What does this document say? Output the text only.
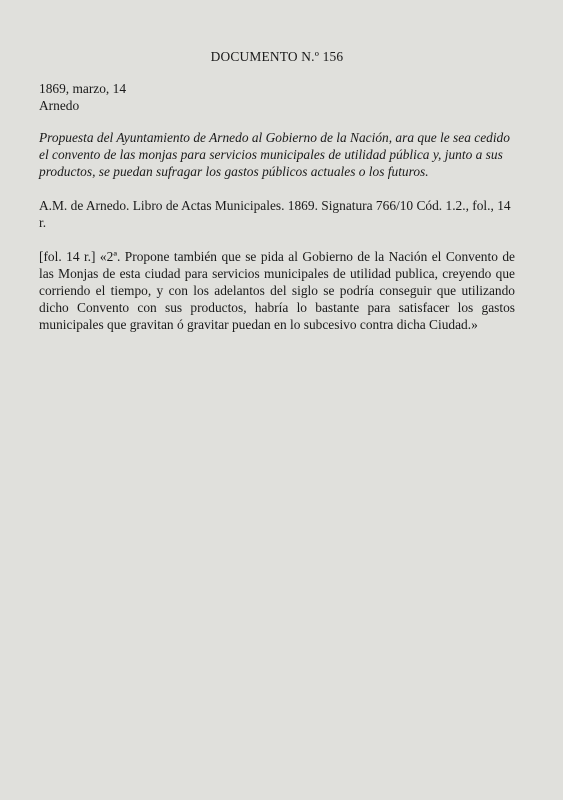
DOCUMENTO N.º 156

1869, marzo, 14

Arnedo

Propuesta del Ayuntamiento de Arnedo al Gobierno de la Nación, ara que le sea cedido el convento de las monjas para servicios municipales de utilidad pública y, junto a sus productos, se puedan sufragar los gastos públicos actuales o los futuros.

A.M. de Arnedo. Libro de Actas Municipales. 1869. Signatura 766/10 Cód. 1.2., fol., 14 r.

[fol. 14 r.] «2ª. Propone también que se pida al Gobierno de la Nación el Convento de las Monjas de esta ciudad para servicios municipales de utilidad publica, creyendo que corriendo el tiempo, y con los adelantos del siglo se podría conseguir que utilizando dicho Convento con sus productos, habría lo bastante para satisfacer los gastos municipales que gravitan ó gravitar puedan en lo subcesivo contra dicha Ciudad.»
